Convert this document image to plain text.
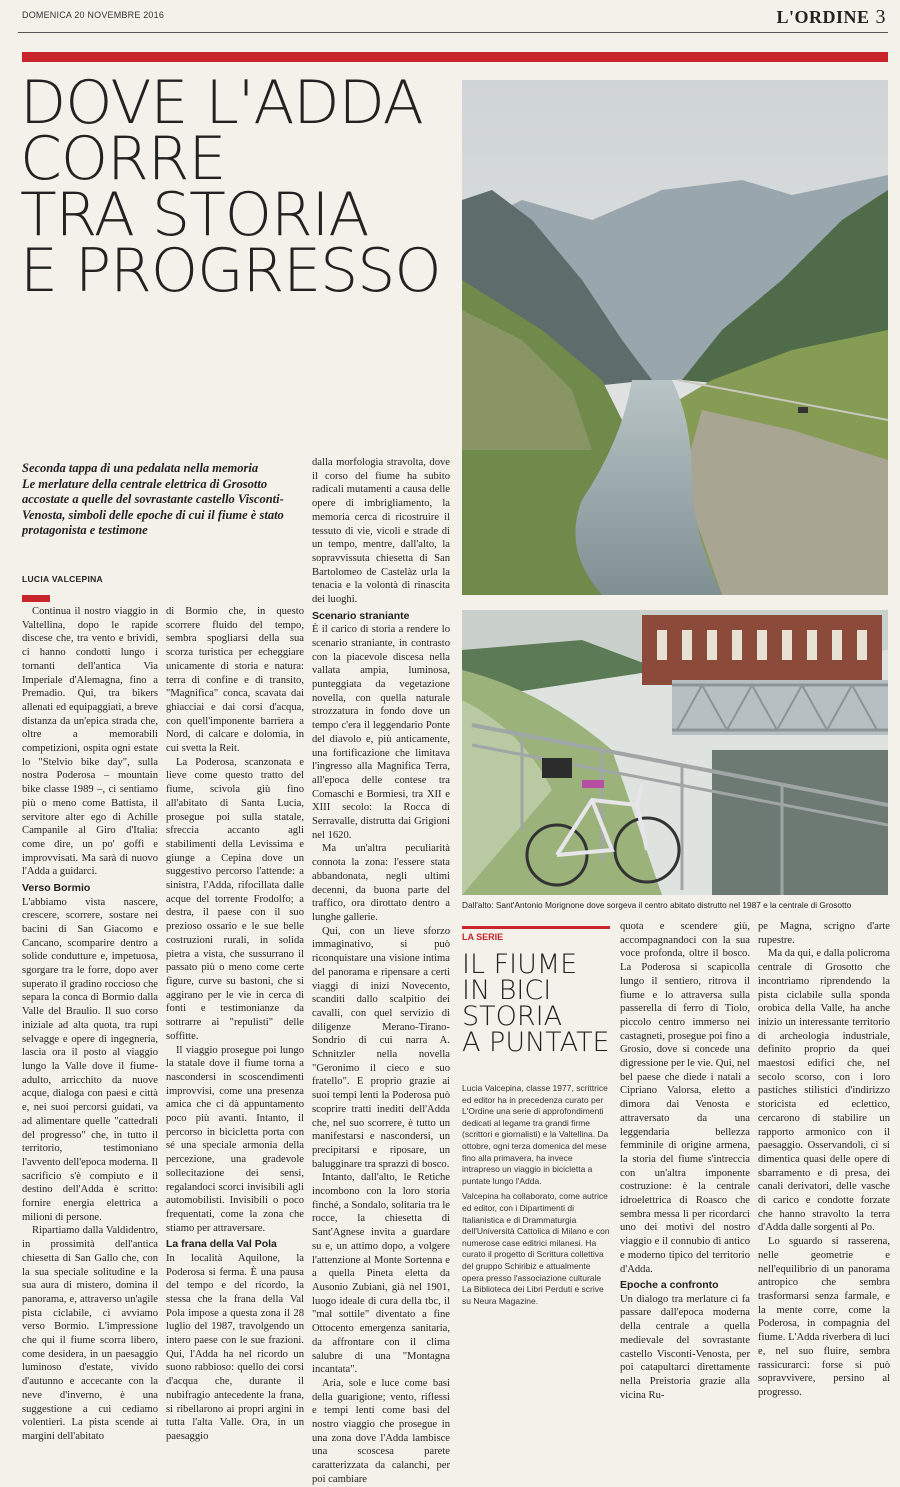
DOMENICA 20 NOVEMBRE 2016	L'ORDINE 3
DOVE L'ADDA
CORRE
TRA STORIA
E PROGRESSO
Seconda tappa di una pedalata nella memoria
Le merlature della centrale elettrica di Grosotto accostate a quelle del sovrastante castello Visconti-Venosta, simboli delle epoche di cui il fiume è stato protagonista e testimone
LUCIA VALCEPINA

Continua il nostro viaggio in Valtellina, dopo le rapide discese che, tra vento e brividi, ci hanno condotti lungo i tornanti dell'antica Via Imperiale d'Alemagna, fino a Premadio. Qui, tra bikers allenati ed equipaggiati, a breve distanza da un'epica strada che, oltre a memorabili competizioni, ospita ogni estate lo "Stelvio bike day", sulla nostra Poderosa – mountain bike classe 1989 –, ci sentiamo più o meno come Battista, il servitore alter ego di Achille Campanile al Giro d'Italia: come dire, un po' goffi e improvvisati. Ma sarà di nuovo l'Adda a guidarci.

Verso Bormio

L'abbiamo vista nascere, crescere, scorrere, sostare nei bacini di San Giacomo e Cancano, scomparire dentro a solide condutture e, impetuosa, sgorgare tra le forre, dopo aver superato il gradino roccioso che separa la conca di Bormio dalla Valle del Braulio. Il suo corso iniziale ad alta quota, tra rupi selvagge e opere di ingegneria, lascia ora il posto al viaggio lungo la Valle dove il fiume-adulto, arricchito da nuove acque, dialoga con paesi e città e, nei suoi percorsi guidati, va ad alimentare quelle "cattedrali del progresso" che, in tutto il territorio, testimoniano l'avvento dell'epoca moderna. Il sacrificio s'è compiuto e il destino dell'Adda è scritto: fornire energia elettrica a milioni di persone.

Ripartiamo dalla Valdidentro, in prossimità dell'antica chiesetta di San Gallo che, con la sua speciale solitudine e la sua aura di mistero, domina il panorama, e, attraverso un'agile pista ciclabile, ci avviamo verso Bormio. L'impressione che qui il fiume scorra libero, come desidera, in un paesaggio luminoso d'estate, vivido d'autunno e accecante con la neve d'inverno, è una suggestione a cui cediamo volentieri. La pista scende ai margini dell'abitato

di Bormio che, in questo scorrere fluido del tempo, sembra spogliarsi della sua scorza turistica per echeggiare unicamente di storia e natura: terra di confine e di transito, "Magnifica" conca, scavata dai ghiacciai e dai corsi d'acqua, con quell'imponente barriera a Nord, di calcare e dolomia, in cui svetta la Reit.

La Poderosa, scanzonata e lieve come questo tratto del fiume, scivola giù fino all'abitato di Santa Lucia, prosegue poi sulla statale, sfreccia accanto agli stabilimenti della Levissima e giunge a Cepina dove un suggestivo percorso l'attende: a sinistra, l'Adda, rifocillata dalle acque del torrente Frodolfo; a destra, il paese con il suo prezioso ossario e le sue belle costruzioni rurali, in solida pietra a vista, che sussurrano il passato più o meno come certe figure, curve su bastoni, che si aggirano per le vie in cerca di fonti e testimonianze da sottrarre ai "repulisti" delle soffitte.

Il viaggio prosegue poi lungo la statale dove il fiume torna a nascondersi in scoscendimenti improvvisi, come una presenza amica che ci dà appuntamento poco più avanti. Intanto, il percorso in bicicletta porta con sé una speciale armonia della percezione, una gradevole sollecitazione dei sensi, regalandoci scorci invisibili agli automobilisti. Invisibili o poco frequentati, come la zona che stiamo per attraversare.

La frana della Val Pola

In località Aquilone, la Poderosa si ferma. È una pausa del tempo e del ricordo, la stessa che la frana della Val Pola impose a questa zona il 28 luglio del 1987, travolgendo un intero paese con le sue frazioni. Qui, l'Adda ha nel ricordo un suono rabbioso: quello dei corsi d'acqua che, durante il nubifragio antecedente la frana, si ribellarono ai propri argini in tutta l'alta Valle. Ora, in un paesaggio

dalla morfologia stravolta, dove il corso del fiume ha subito radicali mutamenti a causa delle opere di imbrigliamento, la memoria cerca di ricostruire il tessuto di vie, vicoli e strade di un tempo, mentre, dall'alto, la sopravvissuta chiesetta di San Bartolomeo de Castelàz urla la tenacia e la volontà di rinascita dei luoghi.

Scenario straniante

È il carico di storia a rendere lo scenario straniante, in contrasto con la piacevole discesa nella vallata ampia, luminosa, punteggiata da vegetazione novella, con quella naturale strozzatura in fondo dove un tempo c'era il leggendario Ponte del diavolo e, più anticamente, una fortificazione che limitava l'ingresso alla Magnifica Terra, all'epoca delle contese tra Comaschi e Bormiesi, tra XII e XIII secolo: la Rocca di Serravalle, distrutta dai Grigioni nel 1620.

Ma un'altra peculiarità connota la zona: l'essere stata abbandonata, negli ultimi decenni, da buona parte del traffico, ora dirottato dentro a lunghe gallerie.

Qui, con un lieve sforzo immaginativo, si può riconquistare una visione intima del panorama e ripensare a certi viaggi di inizi Novecento, scanditi dallo scalpitio dei cavalli, con quel servizio di diligenze Merano-Tirano-Sondrio di cui narra A. Schnitzler nella novella "Geronimo il cieco e suo fratello". E proprio grazie ai suoi tempi lenti la Poderosa può scoprire tratti inediti dell'Adda che, nel suo scorrere, è tutto un manifestarsi e nascondersi, un precipitarsi e riposare, un balugginare tra sprazzi di bosco.

Intanto, dall'alto, le Retiche incombono con la loro storia finché, a Sondalo, solitaria tra le rocce, la chiesetta di Sant'Agnese invita a guardare su e, un attimo dopo, a volgere l'attenzione al Monte Sortenna e a quella Pineta eletta da Ausonio Zubiani, già nel 1901, luogo ideale di cura della tbc, il "mal sottile" diventato a fine Ottocento emergenza sanitaria, da affrontare con il clima salubre di una "Montagna incantata".

Aria, sole e luce come basi della guarigione; vento, riflessi e tempi lenti come basi del nostro viaggio che prosegue in una zona dove l'Adda lambisce una scoscesa parete caratterizzata da calanchi, per poi cambiare

Dall'alto: Sant'Antonio Morignone dove sorgeva il centro abitato distrutto nel 1987 e la centrale di Grosotto
LA SERIE
IL FIUME
IN BICI
STORIA
A PUNTATE

Lucia Valcepina, classe 1977, scrittrice ed editor ha in precedenza curato per L'Ordine una serie di approfondimenti dedicati al legame tra grandi firme (scrittori e giornalisti) e la Valtellina. Da ottobre, ogni terza domenica del mese fino alla primavera, ha invece intrapreso un viaggio in bicicletta a puntate lungo l'Adda.

Valcepina ha collaborato, come autrice ed editor, con i Dipartimenti di Italianistica e di Drammaturgia dell'Università Cattolica di Milano e con numerose case editrici milanesi. Ha curato il progetto di Scrittura collettiva del gruppo Schiribiz e attualmente opera presso l'associazione culturale La Biblioteca dei Libri Perduti e scrive su Neura Magazine.

quota e scendere giù, accompagnandoci con la sua voce profonda, oltre il bosco. La Poderosa si scapicolla lungo il sentiero, ritrova il fiume e lo attraversa sulla passerella di ferro di Tiolo, piccolo centro immerso nei castagneti, prosegue poi fino a Grosio, dove si concede una digressione per le vie. Qui, nel bel paese che diede i natali a Cipriano Valorsa, eletto a dimora dai Venosta e attraversato da una leggendaria bellezza femminile di origine armena, la storia del fiume s'intreccia con un'altra imponente costruzione: è la centrale idroelettrica di Roasco che sembra messa lì per ricordarci uno dei motivi del nostro viaggio e il connubio di antico e moderno tipico del territorio d'Adda.

Epoche a confronto

Un dialogo tra merlature ci fa passare dall'epoca moderna della centrale a quella medievale del sovrastante castello Visconti-Venosta, per poi catapultarci direttamente nella Preistoria grazie alla vicina Ru-

pe Magna, scrigno d'arte rupestre.

Ma da qui, e dalla policroma centrale di Grosotto che incontriamo riprendendo la pista ciclabile sulla sponda orobica della Valle, ha anche inizio un interessante territorio di archeologia industriale, definito proprio da quei maestosi edifici che, nel secolo scorso, con i loro pastiches stilistici d'indirizzo storicista ed eclettico, cercarono di stabilire un rapporto armonico con il paesaggio. Osservandoli, ci si dimentica quasi delle opere di sbarramento e di presa, dei canali derivatori, delle vasche di carico e condotte forzate che hanno stravolto la terra d'Adda dalle sorgenti al Po.

Lo sguardo si rasserena, nelle geometrie e nell'equilibrio di un panorama antropico che sembra trasformarsi senza farmale, e la mente corre, come la Poderosa, in compagnia del fiume. L'Adda riverbera di luci e, nel suo fluire, sembra rassicurarci: forse si può sopravvivere, persino al progresso.
